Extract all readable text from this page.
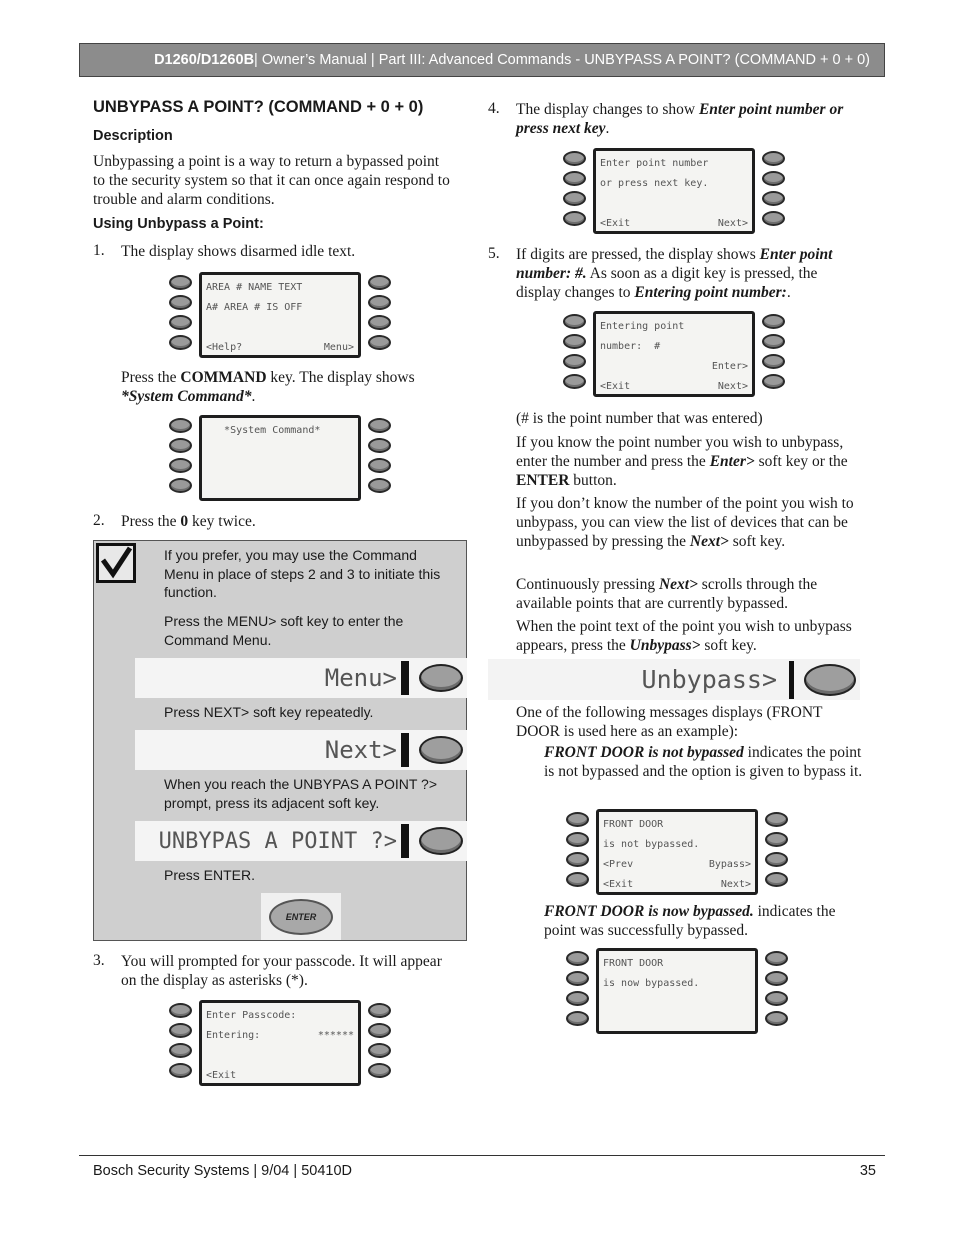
D1260/D1260B | Owner’s Manual | Part III: Advanced Commands - UNBYPASS A POINT? (COMMAND + 0 + 0)
UNBYPASS A POINT? (COMMAND + 0 + 0)
Description
Unbypassing a point is a way to return a bypassed point to the security system so that it can once again respond to trouble and alarm conditions.
Using Unbypass a Point:
1. The display shows disarmed idle text.
AREA # NAME TEXT
A# AREA # IS OFF
<Help?	Menu>
Press the COMMAND key. The display shows *System Command*.
*System Command*
2. Press the 0 key twice.
If you prefer, you may use the Command Menu in place of steps 2 and 3 to initiate this function.
Press the MENU> soft key to enter the Command Menu.
Menu>
Press NEXT> soft key repeatedly.
Next>
When you reach the UNBYPAS A POINT ?> prompt, press its adjacent soft key.
UNBYPAS A POINT ?>
Press ENTER.
ENTER
3. You will prompted for your passcode. It will appear on the display as asterisks (*).
Enter Passcode:
Entering:	******
<Exit
4. The display changes to show Enter point number or press next key.
Enter point number
or press next key.
<Exit	Next>
5. If digits are pressed, the display shows Enter point number: #. As soon as a digit key is pressed, the display changes to Entering point number:.
Entering point
number:  #
Enter>
<Exit	Next>
(# is the point number that was entered)
If you know the point number you wish to unbypass, enter the number and press the Enter> soft key or the ENTER button.
If you don’t know the number of the point you wish to unbypass, you can view the list of devices that can be unbypassed by pressing the Next> soft key.
Continuously pressing Next> scrolls through the available points that are currently bypassed.
When the point text of the point you wish to unbypass appears, press the Unbypass> soft key.
Unbypass>
One of the following messages displays (FRONT DOOR is used here as an example):
FRONT DOOR is not bypassed indicates the point is not bypassed and the option is given to bypass it.
FRONT DOOR
is not bypassed.
<Prev	Bypass>
<Exit	Next>
FRONT DOOR is now bypassed. indicates the point was successfully bypassed.
FRONT DOOR
is now bypassed.
Bosch Security Systems | 9/04 | 50410D	35
